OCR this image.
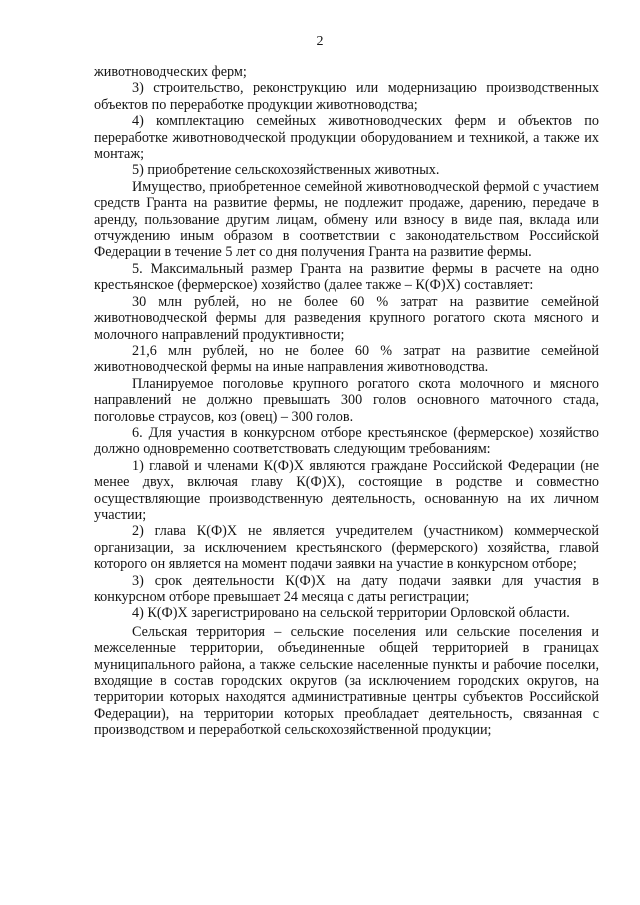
2

животноводческих ферм;

3) строительство, реконструкцию или модернизацию производственных объектов по переработке продукции животноводства;

4) комплектацию семейных животноводческих ферм и объектов по переработке животноводческой продукции оборудованием и техникой, а также их монтаж;

5) приобретение сельскохозяйственных животных.

Имущество, приобретенное семейной животноводческой фермой с участием средств Гранта на развитие фермы, не подлежит продаже, дарению, передаче в аренду, пользование другим лицам, обмену или взносу в виде пая, вклада или отчуждению иным образом в соответствии с законодательством Российской Федерации в течение 5 лет со дня получения Гранта на развитие фермы.

5. Максимальный размер Гранта на развитие фермы в расчете на одно крестьянское (фермерское) хозяйство (далее также – К(Ф)Х) составляет:

30 млн рублей, но не более 60 % затрат на развитие семейной животноводческой фермы для разведения крупного рогатого скота мясного и молочного направлений продуктивности;

21,6 млн рублей, но не более 60 % затрат на развитие семейной животноводческой фермы на иные направления животноводства.

Планируемое поголовье крупного рогатого скота молочного и мясного направлений не должно превышать 300 голов основного маточного стада, поголовье страусов, коз (овец) – 300 голов.

6. Для участия в конкурсном отборе крестьянское (фермерское) хозяйство должно одновременно соответствовать следующим требованиям:

1) главой и членами К(Ф)Х являются граждане Российской Федерации (не менее двух, включая главу К(Ф)Х), состоящие в родстве и совместно осуществляющие производственную деятельность, основанную на их личном участии;

2) глава К(Ф)Х не является учредителем (участником) коммерческой организации, за исключением крестьянского (фермерского) хозяйства, главой которого он является на момент подачи заявки на участие в конкурсном отборе;

3) срок деятельности К(Ф)Х на дату подачи заявки для участия в конкурсном отборе превышает 24 месяца с даты регистрации;

4) К(Ф)Х зарегистрировано на сельской территории Орловской области.

Сельская территория – сельские поселения или сельские поселения и межселенные территории, объединенные общей территорией в границах муниципального района, а также сельские населенные пункты и рабочие поселки, входящие в состав городских округов (за исключением городских округов, на территории которых находятся административные центры субъектов Российской Федерации), на территории которых преобладает деятельность, связанная с производством и переработкой сельскохозяйственной продукции;
